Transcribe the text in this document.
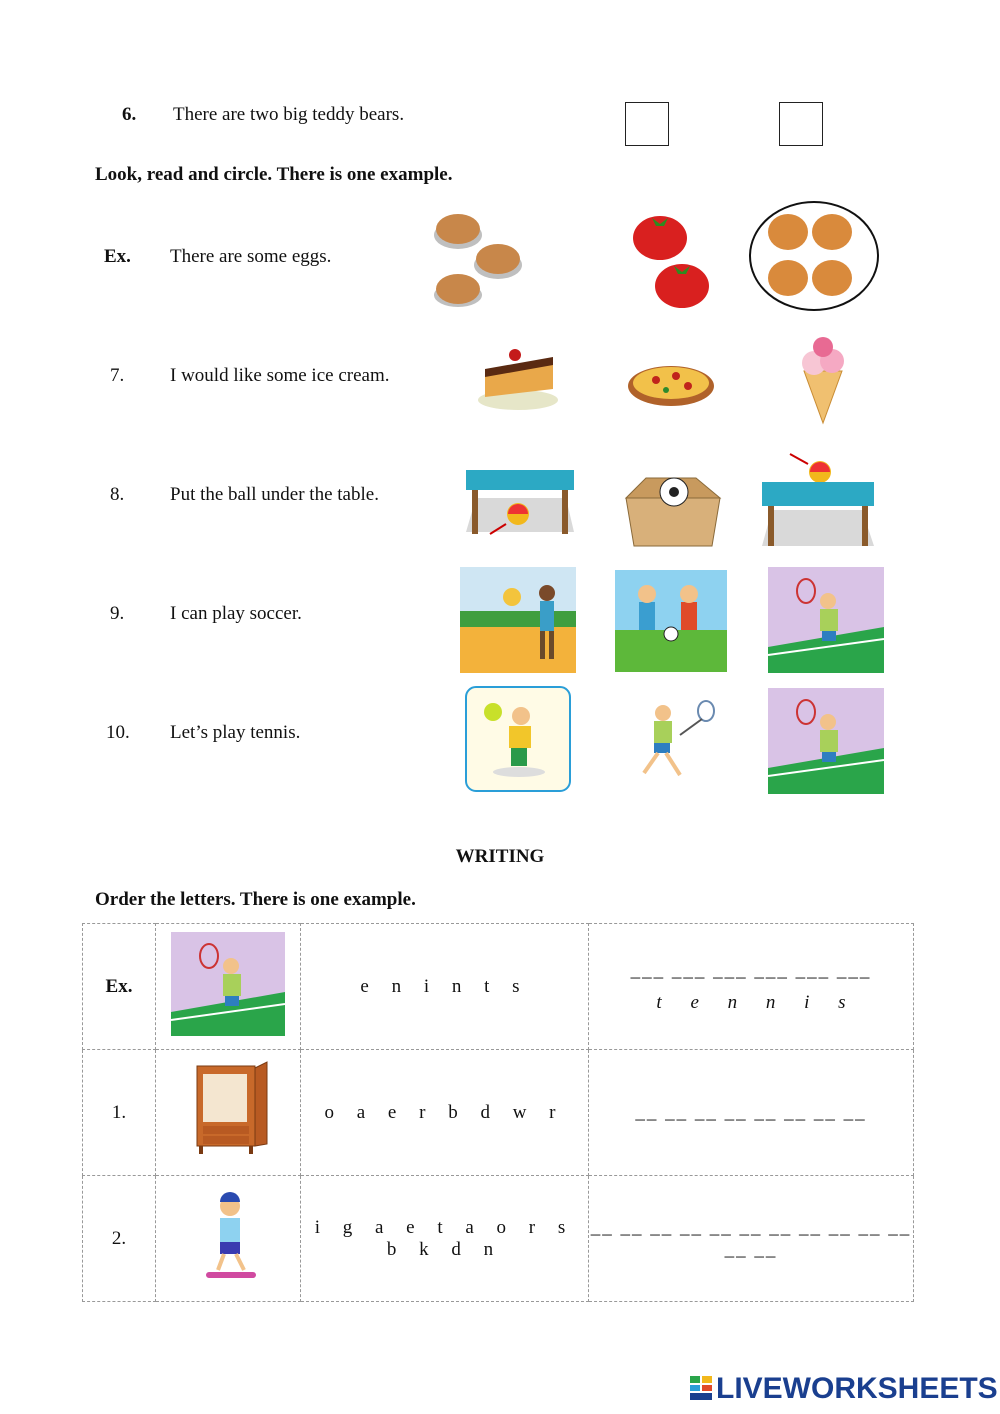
6. There are two big teddy bears.
Look, read and circle. There is one example.
Ex. There are some eggs.
7. I would like some ice cream.
8. Put the ball under the table.
9. I can play soccer.
10. Let’s play tennis.
WRITING
Order the letters. There is one example.
Ex.		e n i n t s	___ ___ ___ ___ ___ ___
t e n n i s

1.		o a e r b d w r	__ __ __ __ __ __ __ __

2.		i g a e t a o r s b k d n	__ __ __ __ __ __ __ __ __ __ __ __ __
LIVEWORKSHEETS
